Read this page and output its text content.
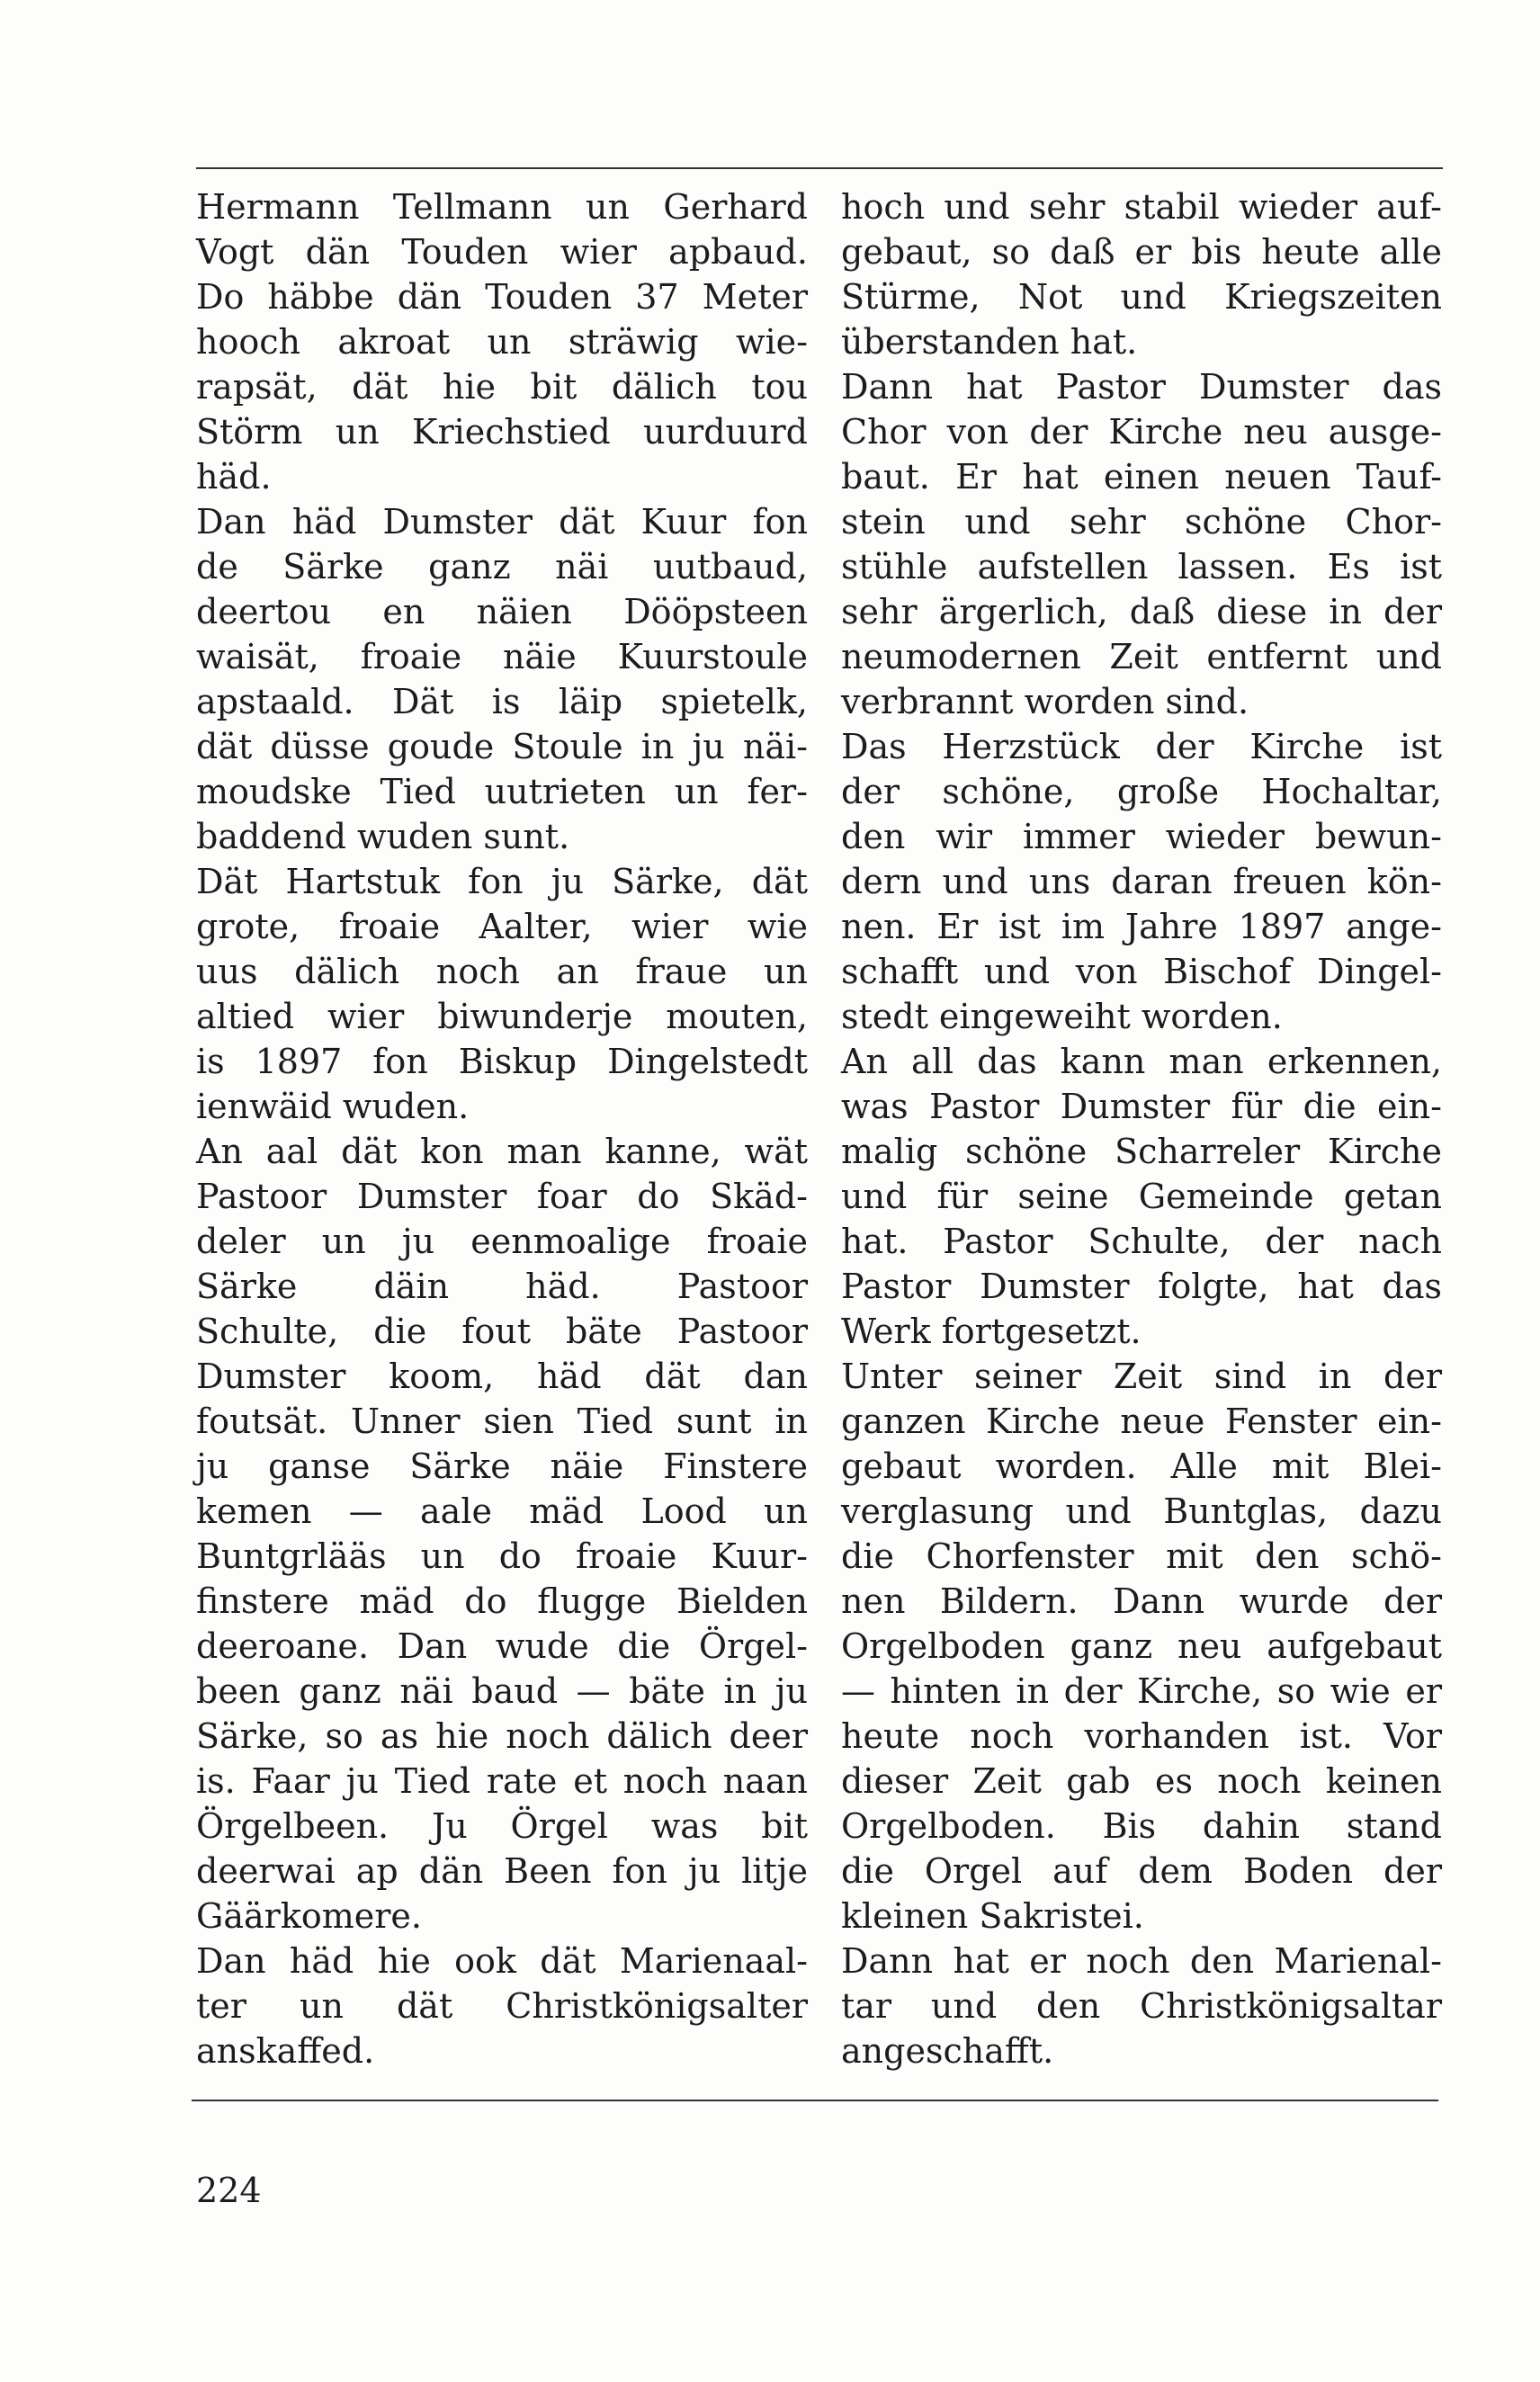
Hermann Tellmann un Gerhard
Vogt dän Touden wier apbaud.
Do häbbe dän Touden 37 Meter
hooch akroat un sträwig wie-
rapsät, dät hie bit dälich tou
Störm un Kriechstied uurduurd
häd.
Dan häd Dumster dät Kuur fon
de Särke ganz näi uutbaud,
deertou en näien Dööpsteen
waisät, froaie näie Kuurstoule
apstaald. Dät is läip spietelk,
dät düsse goude Stoule in ju näi-
moudske Tied uutrieten un fer-
baddend wuden sunt.
Dät Hartstuk fon ju Särke, dät
grote, froaie Aalter, wier wie
uus dälich noch an fraue un
altied wier biwunderje mouten,
is 1897 fon Biskup Dingelstedt
ienwäid wuden.
An aal dät kon man kanne, wät
Pastoor Dumster foar do Skäd-
deler un ju eenmoalige froaie
Särke däin häd. Pastoor
Schulte, die fout bäte Pastoor
Dumster koom, häd dät dan
foutsät. Unner sien Tied sunt in
ju ganse Särke näie Finstere
kemen — aale mäd Lood un
Buntgrlääs un do froaie Kuur-
finstere mäd do flugge Bielden
deeroane. Dan wude die Örgel-
been ganz näi baud — bäte in ju
Särke, so as hie noch dälich deer
is. Faar ju Tied rate et noch naan
Örgelbeen. Ju Örgel was bit
deerwai ap dän Been fon ju litje
Gäärkomere.
Dan häd hie ook dät Marienaal-
ter un dät Christkönigsalter
anskaffed.
hoch und sehr stabil wieder auf-
gebaut, so daß er bis heute alle
Stürme, Not und Kriegszeiten
überstanden hat.
Dann hat Pastor Dumster das
Chor von der Kirche neu ausge-
baut. Er hat einen neuen Tauf-
stein und sehr schöne Chor-
stühle aufstellen lassen. Es ist
sehr ärgerlich, daß diese in der
neumodernen Zeit entfernt und
verbrannt worden sind.
Das Herzstück der Kirche ist
der schöne, große Hochaltar,
den wir immer wieder bewun-
dern und uns daran freuen kön-
nen. Er ist im Jahre 1897 ange-
schafft und von Bischof Dingel-
stedt eingeweiht worden.
An all das kann man erkennen,
was Pastor Dumster für die ein-
malig schöne Scharreler Kirche
und für seine Gemeinde getan
hat. Pastor Schulte, der nach
Pastor Dumster folgte, hat das
Werk fortgesetzt.
Unter seiner Zeit sind in der
ganzen Kirche neue Fenster ein-
gebaut worden. Alle mit Blei-
verglasung und Buntglas, dazu
die Chorfenster mit den schö-
nen Bildern. Dann wurde der
Orgelboden ganz neu aufgebaut
— hinten in der Kirche, so wie er
heute noch vorhanden ist. Vor
dieser Zeit gab es noch keinen
Orgelboden. Bis dahin stand
die Orgel auf dem Boden der
kleinen Sakristei.
Dann hat er noch den Marienal-
tar und den Christkönigsaltar
angeschafft.
224
